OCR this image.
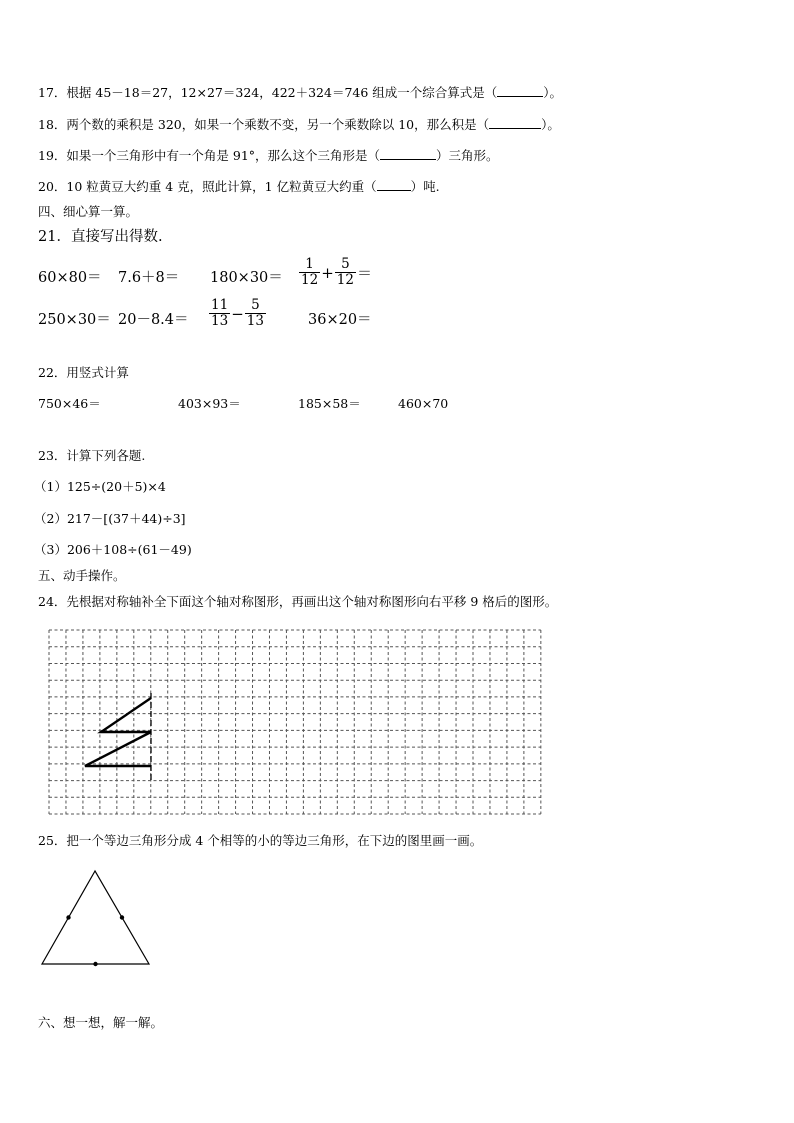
17．根据 45－18＝27，12×27＝324，422＋324＝746 组成一个综合算式是（	）。
18．两个数的乘积是 320，如果一个乘数不变，另一个乘数除以 10，那么积是（	）。
19．如果一个三角形中有一个角是 91°，那么这个三角形是（	）三角形。
20．10 粒黄豆大约重 4 克，照此计算，1 亿粒黄豆大约重（	）吨.
四、细心算一算。
21．直接写出得数.
$60\times 80= 7.6+8= 180\times 30= \frac{1}{12} + \frac{5}{12}$ ＝
$250\times 30= 20-8.4= \frac{11}{13} - \frac{5}{13}$	36×20＝
22．用竖式计算
750×46＝	403×93＝	185×58＝	460×70
23．计算下列各题.
（1）125÷(20＋5)×4
（2）217－[(37＋44)÷3]
（3）206＋108÷(61－49)
五、动手操作。
24．先根据对称轴补全下面这个轴对称图形，再画出这个轴对称图形向右平移 9 格后的图形。
25．把一个等边三角形分成 4 个相等的小的等边三角形，在下边的图里画一画。
六、想一想，解一解。
